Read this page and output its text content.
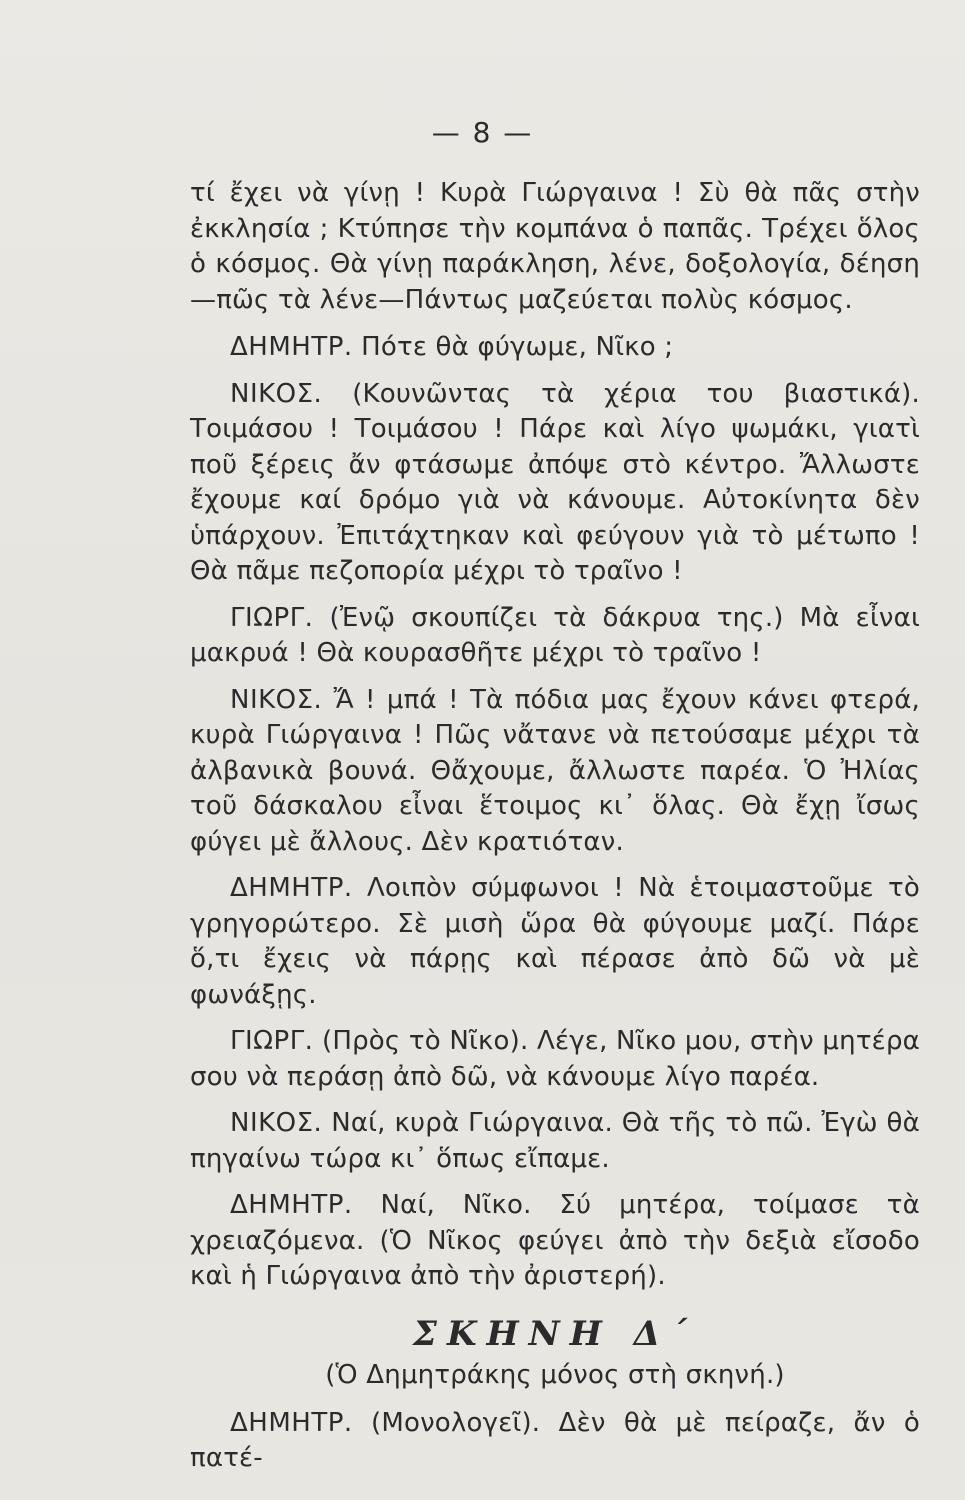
— 8 —

τί ἔχει νὰ γίνῃ ! Κυρὰ Γιώργαινα ! Σὺ θὰ πᾶς στὴν ἐκκλησία ; Κτύπησε τὴν κομπάνα ὁ παπᾶς. Τρέχει ὅλος ὁ κόσμος. Θὰ γίνῃ παράκληση, λένε, δοξολογία, δέηση—πῶς τὰ λένε—Πάντως μαζεύεται πολὺς κόσμος.

ΔΗΜΗΤΡ. Πότε θὰ φύγωμε, Νῖκο ;

ΝΙΚΟΣ. (Κουνῶντας τὰ χέρια του βιαστικά). Τοιμάσου ! Τοιμάσου ! Πάρε καὶ λίγο ψωμάκι, γιατὶ ποῦ ξέρεις ἄν φτάσωμε ἀπόψε στὸ κέντρο. Ἄλλωστε ἔχουμε καί δρόμο γιὰ νὰ κάνουμε. Αὐτοκίνητα δὲν ὑπάρχουν. Ἐπιτάχτηκαν καὶ φεύγουν γιὰ τὸ μέτωπο ! Θὰ πᾶμε πεζοπορία μέχρι τὸ τραῖνο !

ΓΙΩΡΓ. (Ἐνῷ σκουπίζει τὰ δάκρυα της.) Μὰ εἶναι μακρυά ! Θὰ κουρασθῆτε μέχρι τὸ τραῖνο !

ΝΙΚΟΣ. Ἄ ! μπά ! Τὰ πόδια μας ἔχουν κάνει φτερά, κυρὰ Γιώργαινα ! Πῶς νἄτανε νὰ πετούσαμε μέχρι τὰ ἀλβανικὰ βουνά. Θἄχουμε, ἄλλωστε παρέα. Ὁ Ἠλίας τοῦ δάσκαλου εἶναι ἕτοιμος κι᾽ ὅλας. Θὰ ἔχῃ ἴσως φύγει μὲ ἄλλους. Δὲν κρατιόταν.

ΔΗΜΗΤΡ. Λοιπὸν σύμφωνοι ! Νὰ ἑτοιμαστοῦμε τὸ γρηγορώτερο. Σὲ μισὴ ὥρα θὰ φύγουμε μαζί. Πάρε ὅ,τι ἔχεις νὰ πάρῃς καὶ πέρασε ἀπὸ δῶ νὰ μὲ φωνάξῃς.

ΓΙΩΡΓ. (Πρὸς τὸ Νῖκο). Λέγε, Νῖκο μου, στὴν μητέρα σου νὰ περάσῃ ἀπὸ δῶ, νὰ κάνουμε λίγο παρέα.

ΝΙΚΟΣ. Ναί, κυρὰ Γιώργαινα. Θὰ τῆς τὸ πῶ. Ἐγὼ θὰ πηγαίνω τώρα κι᾽ ὅπως εἴπαμε.

ΔΗΜΗΤΡ. Ναί, Νῖκο. Σύ μητέρα, τοίμασε τὰ χρειαζόμενα. (Ὁ Νῖκος φεύγει ἀπὸ τὴν δεξιὰ εἴσοδο καὶ ἡ Γιώργαινα ἀπὸ τὴν ἀριστερή).

ΣΚΗΝΗ Δ΄
(Ὁ Δημητράκης μόνος στὴ σκηνή.)

ΔΗΜΗΤΡ. (Μονολογεῖ). Δὲν θὰ μὲ πείραζε, ἄν ὁ πατέ-
